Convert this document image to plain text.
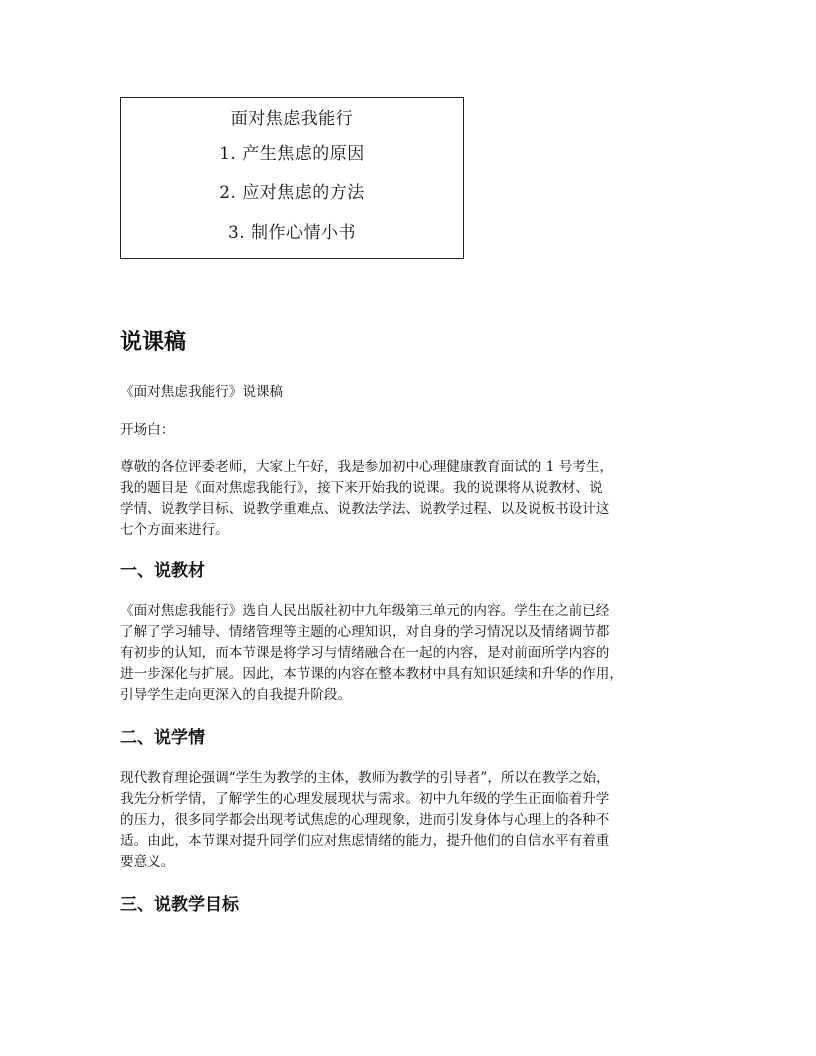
面对焦虑我能行
1. 产生焦虑的原因
2. 应对焦虑的方法
3. 制作心情小书
说课稿

《面对焦虑我能行》说课稿

开场白：

尊敬的各位评委老师，大家上午好，我是参加初中心理健康教育面试的 1 号考生，

我的题目是《面对焦虑我能行》，接下来开始我的说课。我的说课将从说教材、说

学情、说教学目标、说教学重难点、说教法学法、说教学过程、以及说板书设计这

七个方面来进行。

一、说教材

《面对焦虑我能行》选自人民出版社初中九年级第三单元的内容。学生在之前已经

了解了学习辅导、情绪管理等主题的心理知识，对自身的学习情况以及情绪调节都

有初步的认知，而本节课是将学习与情绪融合在一起的内容，是对前面所学内容的

进一步深化与扩展。因此，本节课的内容在整本教材中具有知识延续和升华的作用，

引导学生走向更深入的自我提升阶段。

二、说学情

现代教育理论强调“学生为教学的主体，教师为教学的引导者”，所以在教学之始，

我先分析学情，了解学生的心理发展现状与需求。初中九年级的学生正面临着升学

的压力，很多同学都会出现考试焦虑的心理现象，进而引发身体与心理上的各种不

适。由此，本节课对提升同学们应对焦虑情绪的能力，提升他们的自信水平有着重

要意义。

三、说教学目标
